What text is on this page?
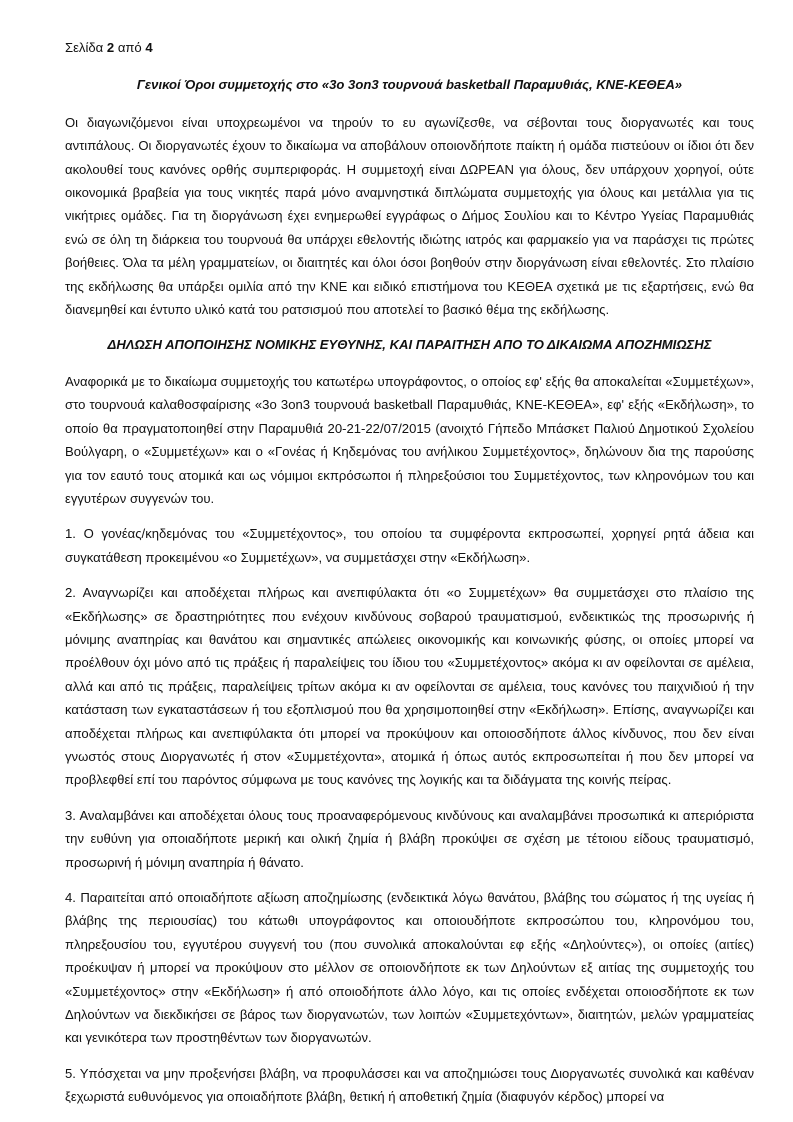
Σελίδα 2 από 4
Γενικοί Όροι συμμετοχής στο «3ο 3on3 τουρνουά basketball Παραμυθιάς, ΚΝΕ-ΚΕΘΕΑ»

Οι διαγωνιζόμενοι είναι υποχρεωμένοι να τηρούν το ευ αγωνίζεσθε, να σέβονται τους διοργανωτές και τους αντιπάλους. Οι διοργανωτές έχουν το δικαίωμα να αποβάλουν οποιονδήποτε παίκτη ή ομάδα πιστεύουν οι ίδιοι ότι δεν ακολουθεί τους κανόνες ορθής συμπεριφοράς. Η συμμετοχή είναι ΔΩΡΕΑΝ για όλους, δεν υπάρχουν χορηγοί, ούτε οικονομικά βραβεία για τους νικητές παρά μόνο αναμνηστικά διπλώματα συμμετοχής για όλους και μετάλλια για τις νικήτριες ομάδες. Για τη διοργάνωση έχει ενημερωθεί εγγράφως ο Δήμος Σουλίου και το Κέντρο Υγείας Παραμυθιάς ενώ σε όλη τη διάρκεια του τουρνουά θα υπάρχει εθελοντής ιδιώτης ιατρός και φαρμακείο για να παράσχει τις πρώτες βοήθειες. Όλα τα μέλη γραμματείων, οι διαιτητές και όλοι όσοι βοηθούν στην διοργάνωση είναι εθελοντές. Στο πλαίσιο της εκδήλωσης θα υπάρξει ομιλία από την ΚΝΕ και ειδικό επιστήμονα του ΚΕΘΕΑ σχετικά με τις εξαρτήσεις, ενώ θα διανεμηθεί και έντυπο υλικό κατά του ρατσισμού που αποτελεί το βασικό θέμα της εκδήλωσης.

ΔΗΛΩΣΗ ΑΠΟΠΟΙΗΣΗΣ ΝΟΜΙΚΗΣ ΕΥΘΥΝΗΣ, ΚΑΙ ΠΑΡΑΙΤΗΣΗ ΑΠΟ ΤΟ ΔΙΚΑΙΩΜΑ ΑΠΟΖΗΜΙΩΣΗΣ

Αναφορικά με το δικαίωμα συμμετοχής του κατωτέρω υπογράφοντος, ο οποίος εφ' εξής θα αποκαλείται «Συμμετέχων», στο τουρνουά καλαθοσφαίρισης «3ο 3on3 τουρνουά basketball Παραμυθιάς, ΚΝΕ-ΚΕΘΕΑ», εφ' εξής «Εκδήλωση», το οποίο θα πραγματοποιηθεί στην Παραμυθιά 20-21-22/07/2015 (ανοιχτό Γήπεδο Μπάσκετ Παλιού Δημοτικού Σχολείου Βούλγαρη, ο «Συμμετέχων» και ο «Γονέας ή Κηδεμόνας του ανήλικου Συμμετέχοντος», δηλώνουν δια της παρούσης για τον εαυτό τους ατομικά και ως νόμιμοι εκπρόσωποι ή πληρεξούσιοι του Συμμετέχοντος, των κληρονόμων του και εγγυτέρων συγγενών του.

1. Ο γονέας/κηδεμόνας του «Συμμετέχοντος», του οποίου τα συμφέροντα εκπροσωπεί, χορηγεί ρητά άδεια και συγκατάθεση προκειμένου «ο Συμμετέχων», να συμμετάσχει στην «Εκδήλωση».

2. Αναγνωρίζει και αποδέχεται πλήρως και ανεπιφύλακτα ότι «ο Συμμετέχων» θα συμμετάσχει στο πλαίσιο της «Εκδήλωσης» σε δραστηριότητες που ενέχουν κινδύνους σοβαρού τραυματισμού, ενδεικτικώς της προσωρινής ή μόνιμης αναπηρίας και θανάτου και σημαντικές απώλειες οικονομικής και κοινωνικής φύσης, οι οποίες μπορεί να προέλθουν όχι μόνο από τις πράξεις ή παραλείψεις του ίδιου του «Συμμετέχοντος» ακόμα κι αν οφείλονται σε αμέλεια, αλλά και από τις πράξεις, παραλείψεις τρίτων ακόμα κι αν οφείλονται σε αμέλεια, τους κανόνες του παιχνιδιού ή την κατάσταση των εγκαταστάσεων ή του εξοπλισμού που θα χρησιμοποιηθεί στην «Εκδήλωση». Επίσης, αναγνωρίζει και αποδέχεται πλήρως και ανεπιφύλακτα ότι μπορεί να προκύψουν και οποιοσδήποτε άλλος κίνδυνος, που δεν είναι γνωστός στους Διοργανωτές ή στον «Συμμετέχοντα», ατομικά ή όπως αυτός εκπροσωπείται ή που δεν μπορεί να προβλεφθεί επί του παρόντος σύμφωνα με τους κανόνες της λογικής και τα διδάγματα της κοινής πείρας.

3. Αναλαμβάνει και αποδέχεται όλους τους προαναφερόμενους κινδύνους και αναλαμβάνει προσωπικά κι απεριόριστα την ευθύνη για οποιαδήποτε μερική και ολική ζημία ή βλάβη προκύψει σε σχέση με τέτοιου είδους τραυματισμό, προσωρινή ή μόνιμη αναπηρία ή θάνατο.

4. Παραιτείται από οποιαδήποτε αξίωση αποζημίωσης (ενδεικτικά λόγω θανάτου, βλάβης του σώματος ή της υγείας ή βλάβης της περιουσίας) του κάτωθι υπογράφοντος και οποιουδήποτε εκπροσώπου του, κληρονόμου του, πληρεξουσίου του, εγγυτέρου συγγενή του (που συνολικά αποκαλούνται εφ εξής «Δηλούντες»), οι οποίες (αιτίες) προέκυψαν ή μπορεί να προκύψουν στο μέλλον σε οποιονδήποτε εκ των Δηλούντων εξ αιτίας της συμμετοχής του «Συμμετέχοντος» στην «Εκδήλωση» ή από οποιοδήποτε άλλο λόγο, και τις οποίες ενδέχεται οποιοσδήποτε εκ των Δηλούντων να διεκδικήσει σε βάρος των διοργανωτών, των λοιπών «Συμμετεχόντων», διαιτητών, μελών γραμματείας και γενικότερα των προστηθέντων των διοργανωτών.

5. Υπόσχεται να μην προξενήσει βλάβη, να προφυλάσσει και να αποζημιώσει τους Διοργανωτές συνολικά και καθέναν ξεχωριστά ευθυνόμενος για οποιαδήποτε βλάβη, θετική ή αποθετική ζημία (διαφυγόν κέρδος) μπορεί να
